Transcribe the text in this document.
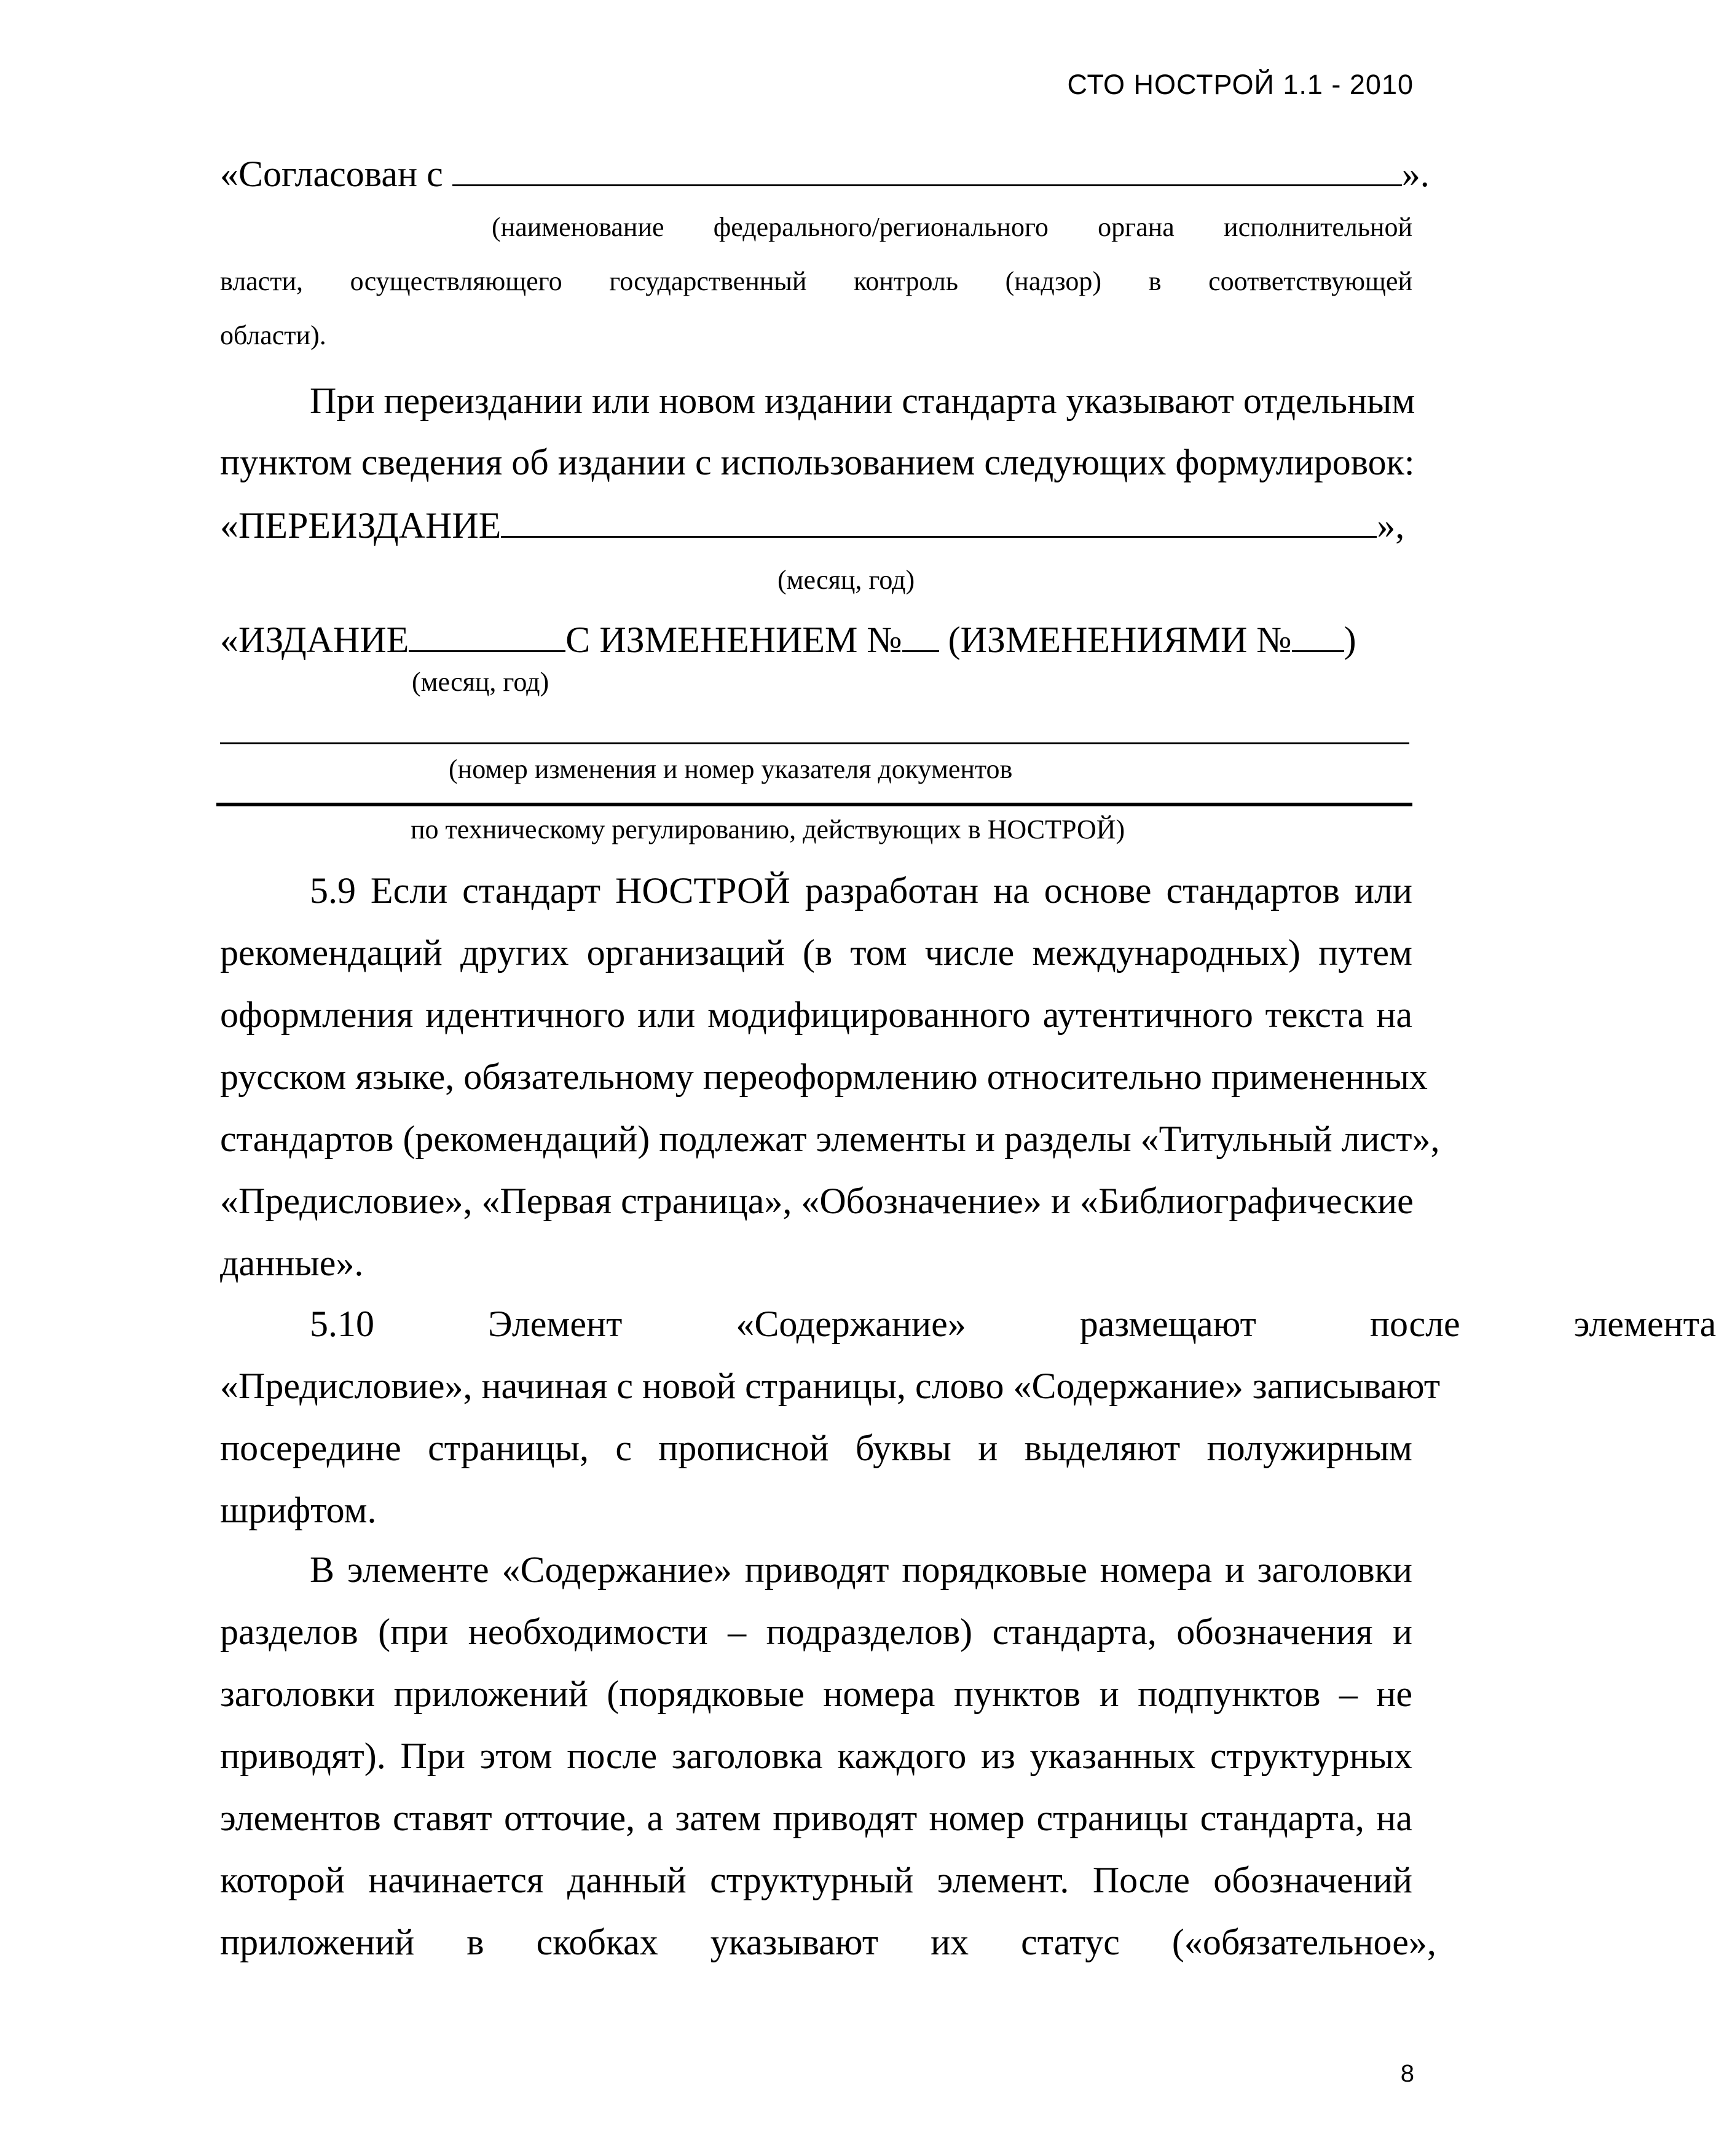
СТО НОСТРОЙ 1.1 - 2010
«Согласован с	».
(наименование федерального/регионального органа исполнительной
власти, осуществляющего государственный контроль (надзор) в соответствующей
области).
При переиздании или новом издании стандарта указывают отдельным
пунктом сведения об издании с использованием следующих формулировок:
«ПЕРЕИЗДАНИЕ	»,
(месяц, год)
«ИЗДАНИЕ	С ИЗМЕНЕНИЕМ № (ИЗМЕНЕНИЯМИ № )
(месяц, год)
(номер изменения и номер указателя документов
по техническому регулированию, действующих в НОСТРОЙ)
5.9 Если стандарт НОСТРОЙ разработан на основе стандартов или
рекомендаций других организаций (в том числе международных) путем
оформления идентичного или модифицированного аутентичного текста на
русском языке, обязательному переоформлению относительно примененных
стандартов (рекомендаций) подлежат элементы и разделы «Титульный лист»,
«Предисловие», «Первая страница», «Обозначение» и «Библиографические
данные».
5.10 Элемент «Содержание» размещают после элемента
«Предисловие», начиная с новой страницы, слово «Содержание» записывают
посередине страницы, с прописной буквы и выделяют полужирным
шрифтом.
В элементе «Содержание» приводят порядковые номера и заголовки
разделов (при необходимости – подразделов) стандарта, обозначения и
заголовки приложений (порядковые номера пунктов и подпунктов – не
приводят). При этом после заголовка каждого из указанных структурных
элементов ставят отточие, а затем приводят номер страницы стандарта, на
которой начинается данный структурный элемент. После обозначений
приложений в скобках указывают их статус («обязательное»,
8
